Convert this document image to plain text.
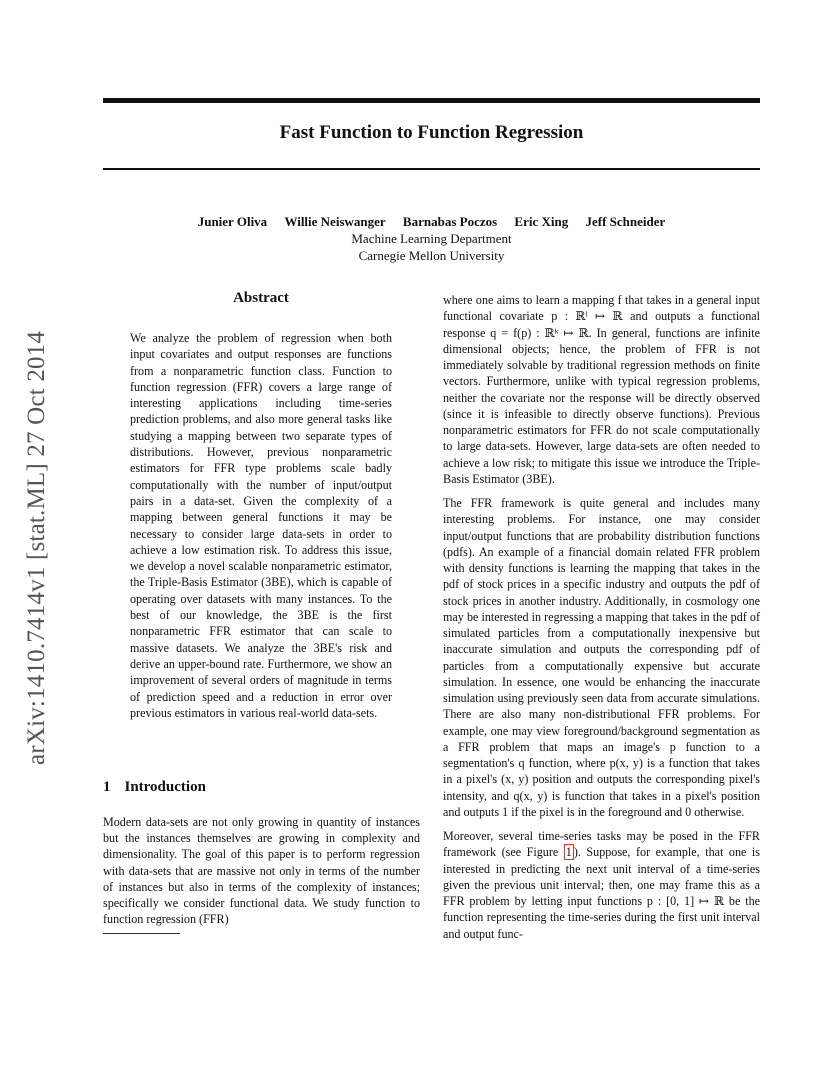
Fast Function to Function Regression
Junier Oliva Willie Neiswanger Barnabas Poczos Eric Xing Jeff Schneider
Machine Learning Department
Carnegie Mellon University
arXiv:1410.7414v1 [stat.ML] 27 Oct 2014
Abstract
We analyze the problem of regression when both input covariates and output responses are functions from a nonparametric function class. Function to function regression (FFR) covers a large range of interesting applications including time-series prediction problems, and also more general tasks like studying a mapping between two separate types of distributions. However, previous nonparametric estimators for FFR type problems scale badly computationally with the number of input/output pairs in a data-set. Given the complexity of a mapping between general functions it may be necessary to consider large data-sets in order to achieve a low estimation risk. To address this issue, we develop a novel scalable nonparametric estimator, the Triple-Basis Estimator (3BE), which is capable of operating over datasets with many instances. To the best of our knowledge, the 3BE is the first nonparametric FFR estimator that can scale to massive datasets. We analyze the 3BE's risk and derive an upper-bound rate. Furthermore, we show an improvement of several orders of magnitude in terms of prediction speed and a reduction in error over previous estimators in various real-world data-sets.
1 Introduction
Modern data-sets are not only growing in quantity of instances but the instances themselves are growing in complexity and dimensionality. The goal of this paper is to perform regression with data-sets that are massive not only in terms of the number of instances but also in terms of the complexity of instances; specifically we consider functional data. We study function to function regression (FFR)

where one aims to learn a mapping f that takes in a general input functional covariate p : ℝˡ ↦ ℝ and outputs a functional response q = f(p) : ℝᵏ ↦ ℝ. In general, functions are infinite dimensional objects; hence, the problem of FFR is not immediately solvable by traditional regression methods on finite vectors. Furthermore, unlike with typical regression problems, neither the covariate nor the response will be directly observed (since it is infeasible to directly observe functions). Previous nonparametric estimators for FFR do not scale computationally to large data-sets. However, large data-sets are often needed to achieve a low risk; to mitigate this issue we introduce the Triple-Basis Estimator (3BE).

The FFR framework is quite general and includes many interesting problems. For instance, one may consider input/output functions that are probability distribution functions (pdfs). An example of a financial domain related FFR problem with density functions is learning the mapping that takes in the pdf of stock prices in a specific industry and outputs the pdf of stock prices in another industry. Additionally, in cosmology one may be interested in regressing a mapping that takes in the pdf of simulated particles from a computationally inexpensive but inaccurate simulation and outputs the corresponding pdf of particles from a computationally expensive but accurate simulation. In essence, one would be enhancing the inaccurate simulation using previously seen data from accurate simulations. There are also many non-distributional FFR problems. For example, one may view foreground/background segmentation as a FFR problem that maps an image's p function to a segmentation's q function, where p(x, y) is a function that takes in a pixel's (x, y) position and outputs the corresponding pixel's intensity, and q(x, y) is function that takes in a pixel's position and outputs 1 if the pixel is in the foreground and 0 otherwise.

Moreover, several time-series tasks may be posed in the FFR framework (see Figure 1 ). Suppose, for example, that one is interested in predicting the next unit interval of a time-series given the previous unit interval; then, one may frame this as a FFR problem by letting input functions p : [0, 1] ↦ ℝ be the function representing the time-series during the first unit interval and output func-
